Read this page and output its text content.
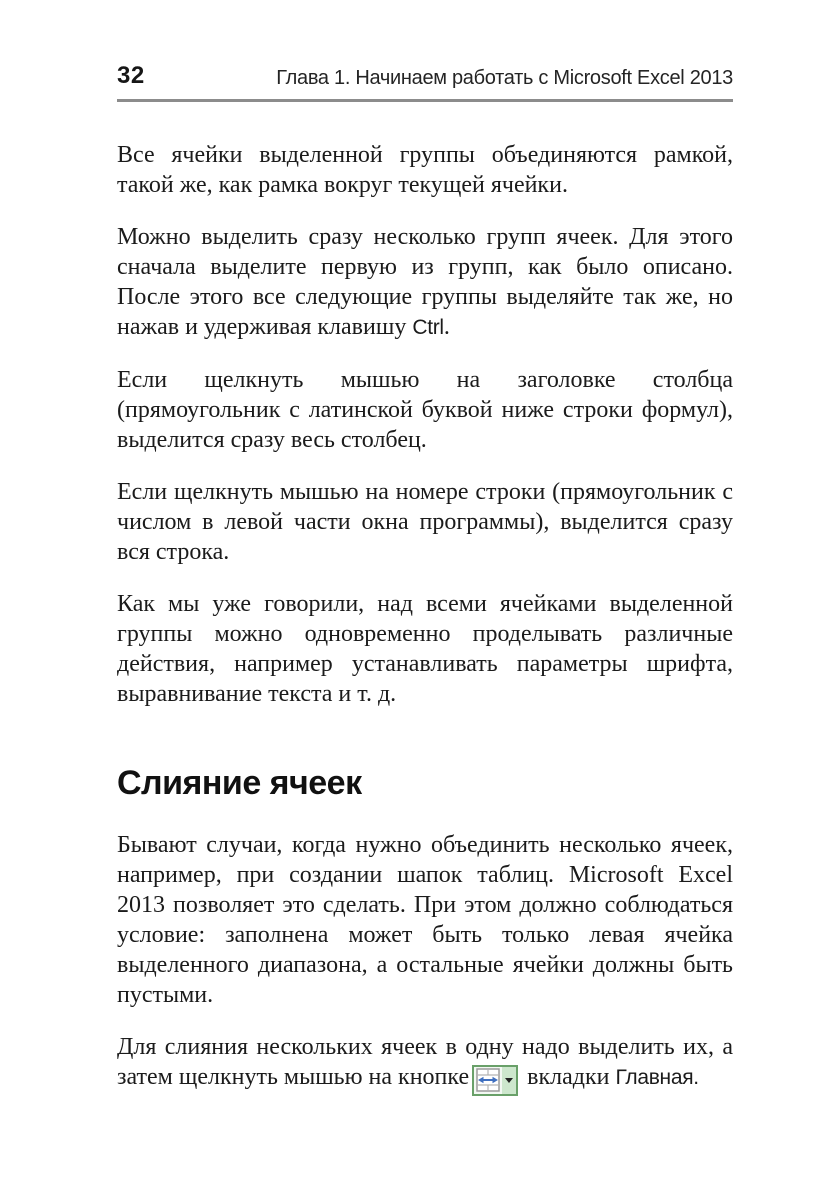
32	Глава 1. Начинаем работать с Microsoft Excel 2013

Все ячейки выделенной группы объединяются рамкой, такой же, как рамка вокруг текущей ячейки.

Можно выделить сразу несколько групп ячеек. Для этого сначала выделите первую из групп, как было описано. После этого все следующие группы выделяйте так же, но нажав и удерживая клавишу Ctrl.

Если щелкнуть мышью на заголовке столбца (прямоугольник с латинской буквой ниже строки формул), выделится сразу весь столбец.

Если щелкнуть мышью на номере строки (прямоугольник с числом в левой части окна программы), выделится сразу вся строка.

Как мы уже говорили, над всеми ячейками выделенной группы можно одновременно проделывать различные действия, например устанавливать параметры шрифта, выравнивание текста и т. д.

Слияние ячеек

Бывают случаи, когда нужно объединить несколько ячеек, например, при создании шапок таблиц. Microsoft Excel 2013 позволяет это сделать. При этом должно соблюдаться условие: заполнена может быть только левая ячейка выделенного диапазона, а остальные ячейки должны быть пустыми.

Для слияния нескольких ячеек в одну надо выделить их, а затем щелкнуть мышью на кнопке
вкладки Главная.
